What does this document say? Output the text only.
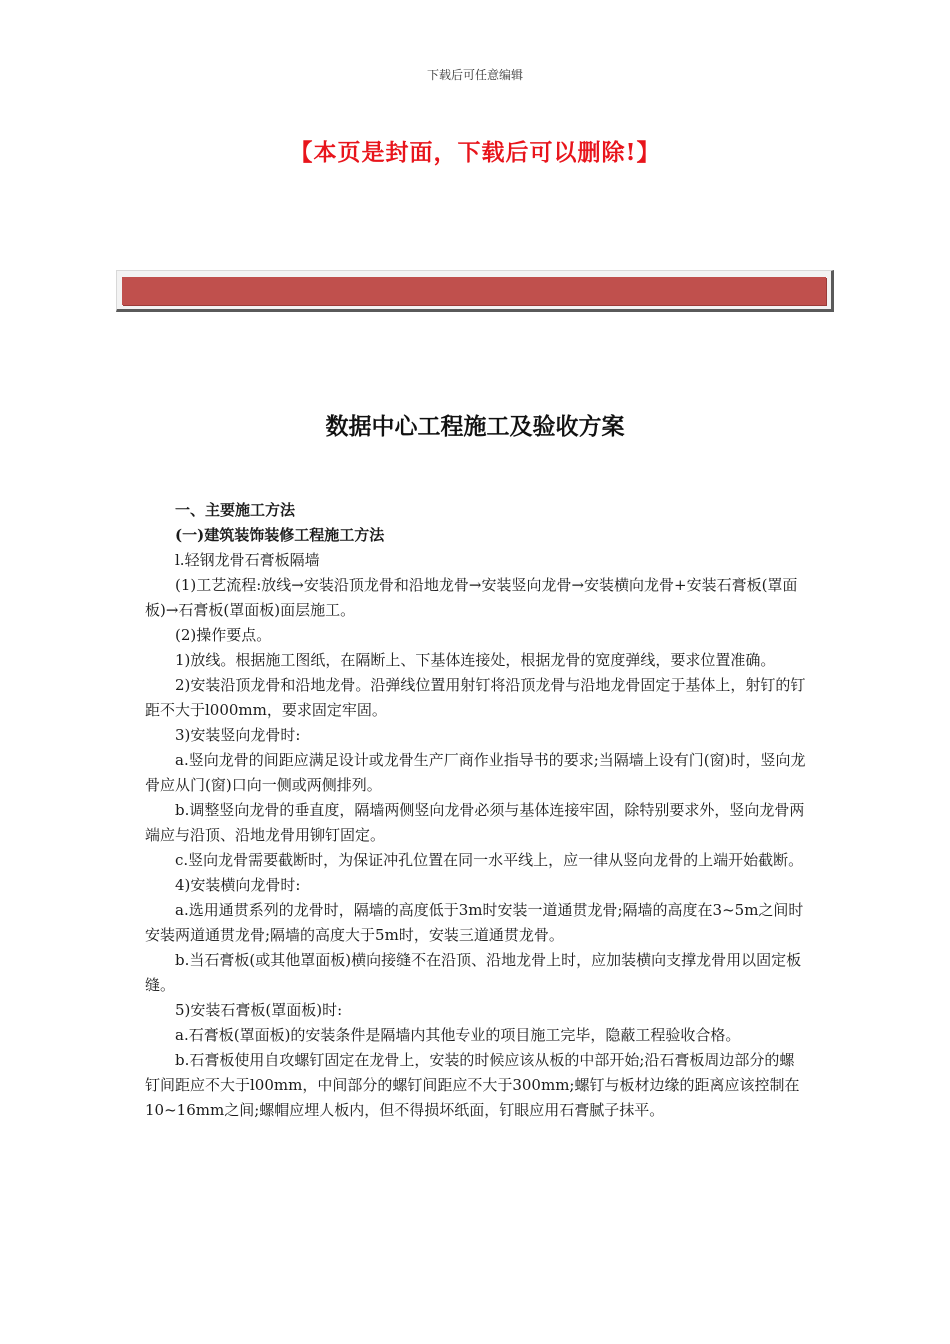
下载后可任意编辑
【本页是封面，下载后可以删除!】
数据中心工程施工及验收方案

一、主要施工方法

(一)建筑装饰装修工程施工方法

l.轻钢龙骨石膏板隔墙

(1)工艺流程:放线→安装沿顶龙骨和沿地龙骨→安装竖向龙骨→安装横向龙骨+安装石膏板(罩面板)→石膏板(罩面板)面层施工。

(2)操作要点。

1)放线。根据施工图纸，在隔断上、下基体连接处，根据龙骨的宽度弹线，要求位置准确。

2)安装沿顶龙骨和沿地龙骨。沿弹线位置用射钉将沿顶龙骨与沿地龙骨固定于基体上，射钉的钉距不大于l000mm，要求固定牢固。

3)安装竖向龙骨时:

a.竖向龙骨的间距应满足设计或龙骨生产厂商作业指导书的要求;当隔墙上设有门(窗)时，竖向龙骨应从门(窗)口向一侧或两侧排列。

b.调整竖向龙骨的垂直度，隔墙两侧竖向龙骨必须与基体连接牢固，除特别要求外，竖向龙骨两端应与沿顶、沿地龙骨用铆钉固定。

c.竖向龙骨需要截断时，为保证冲孔位置在同一水平线上，应一律从竖向龙骨的上端开始截断。

4)安装横向龙骨时:

a.选用通贯系列的龙骨时，隔墙的高度低于3m时安装一道通贯龙骨;隔墙的高度在3~5m之间时安装两道通贯龙骨;隔墙的高度大于5m时，安装三道通贯龙骨。

b.当石膏板(或其他罩面板)横向接缝不在沿顶、沿地龙骨上时，应加装横向支撑龙骨用以固定板缝。

5)安装石膏板(罩面板)时:

a.石膏板(罩面板)的安装条件是隔墙内其他专业的项目施工完毕，隐蔽工程验收合格。

b.石膏板使用自攻螺钉固定在龙骨上，安装的时候应该从板的中部开始;沿石膏板周边部分的螺钉间距应不大于l00mm，中间部分的螺钉间距应不大于300mm;螺钉与板材边缘的距离应该控制在10~16mm之间;螺帽应埋人板内，但不得损坏纸面，钉眼应用石膏腻子抹平。
